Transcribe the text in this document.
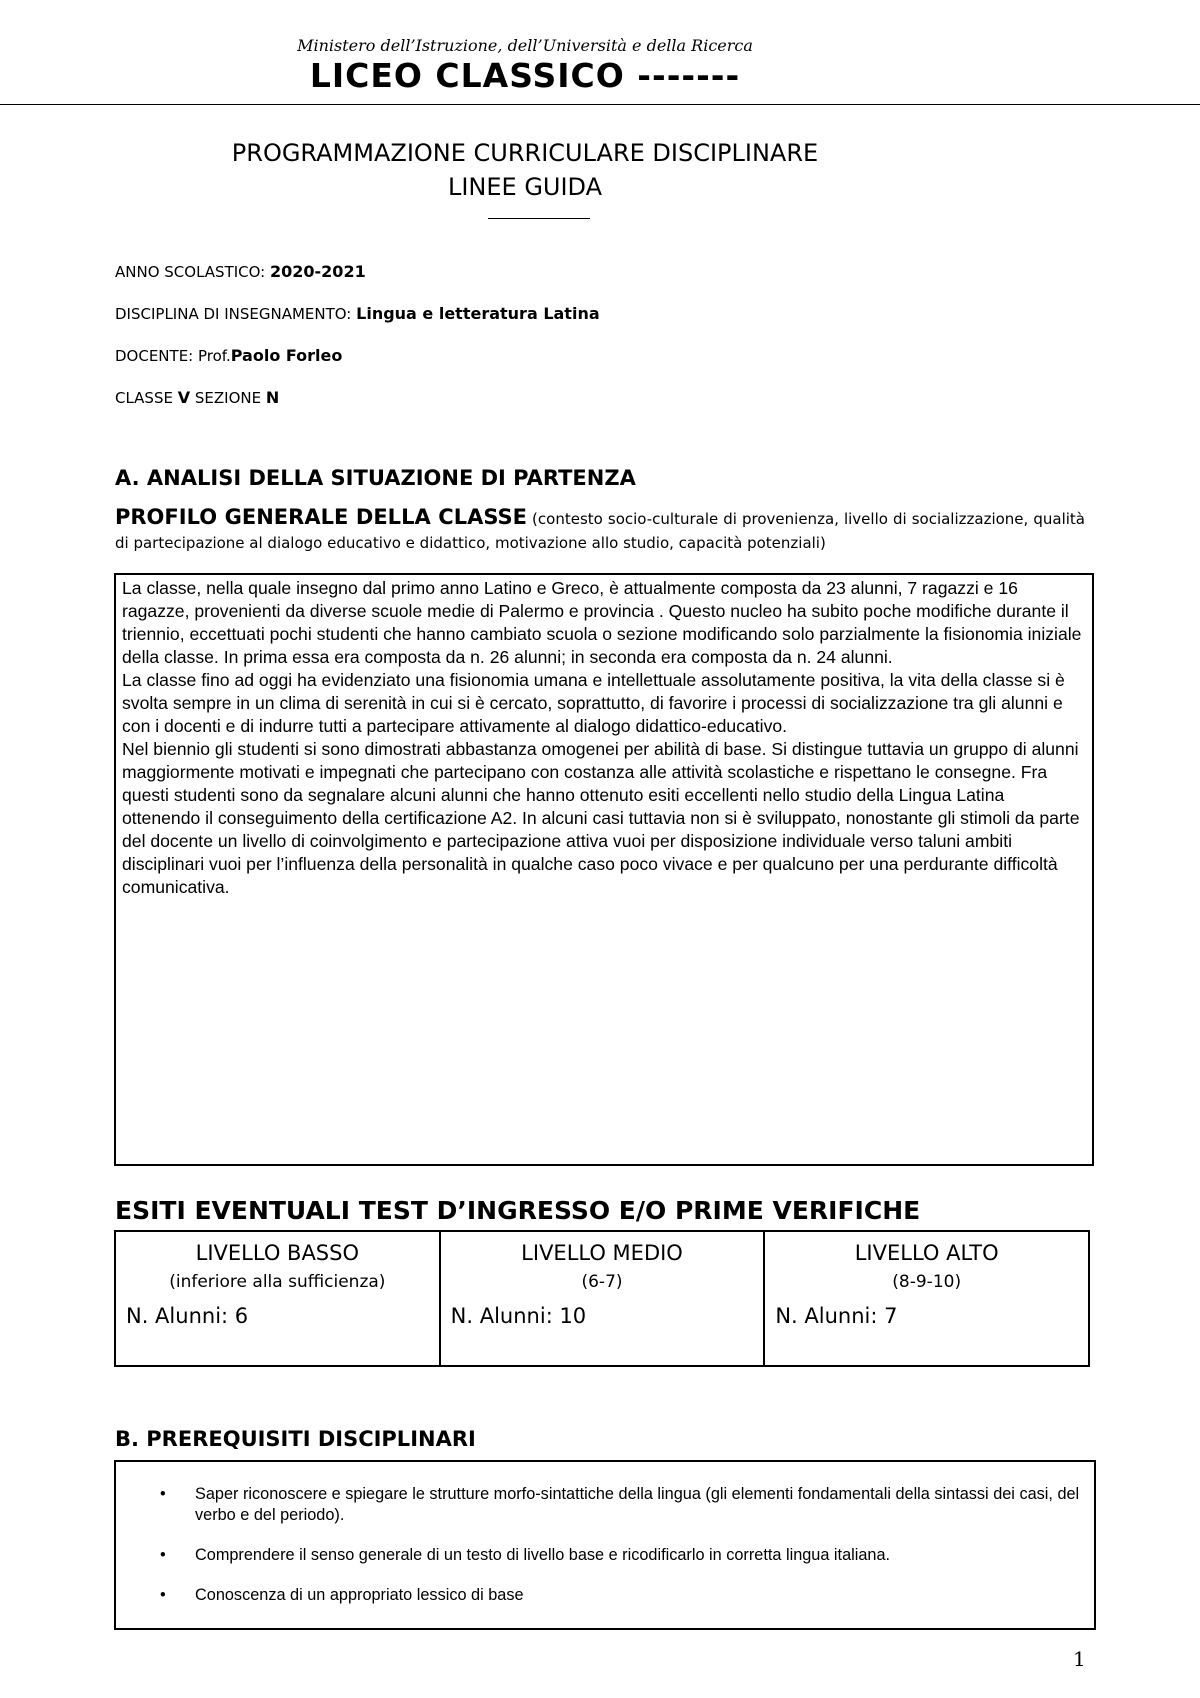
Ministero dell’Istruzione, dell’Università e della Ricerca
LICEO CLASSICO -------
PROGRAMMAZIONE CURRICULARE DISCIPLINARE
LINEE GUIDA
ANNO SCOLASTICO: 2020-2021
DISCIPLINA DI INSEGNAMENTO: Lingua e letteratura Latina
DOCENTE: Prof.Paolo Forleo
CLASSE V SEZIONE N
A. ANALISI DELLA SITUAZIONE DI PARTENZA
PROFILO GENERALE DELLA CLASSE (contesto socio-culturale di provenienza, livello di socializzazione, qualità di partecipazione al dialogo educativo e didattico, motivazione allo studio, capacità potenziali)

La classe, nella quale insegno dal primo anno Latino e Greco, è attualmente composta da 23 alunni, 7 ragazzi e 16 ragazze, provenienti da diverse scuole medie di Palermo e provincia . Questo nucleo ha subito poche modifiche durante il triennio, eccettuati pochi studenti che hanno cambiato scuola o sezione modificando solo parzialmente la fisionomia iniziale della classe. In prima essa era composta da n. 26 alunni; in seconda era composta da n. 24 alunni.

La classe fino ad oggi ha evidenziato una fisionomia umana e intellettuale assolutamente positiva, la vita della classe si è svolta sempre in un clima di serenità in cui si è cercato, soprattutto, di favorire i processi di socializzazione tra gli alunni e con i docenti e di indurre tutti a partecipare attivamente al dialogo didattico-educativo.

Nel biennio gli studenti si sono dimostrati abbastanza omogenei per abilità di base. Si distingue tuttavia un gruppo di alunni maggiormente motivati e impegnati che partecipano con costanza alle attività scolastiche e rispettano le consegne. Fra questi studenti sono da segnalare alcuni alunni che hanno ottenuto esiti eccellenti nello studio della Lingua Latina ottenendo il conseguimento della certificazione A2. In alcuni casi tuttavia non si è sviluppato, nonostante gli stimoli da parte del docente un livello di coinvolgimento e partecipazione attiva vuoi per disposizione individuale verso taluni ambiti disciplinari vuoi per l’influenza della personalità in qualche caso poco vivace e per qualcuno per una perdurante difficoltà comunicativa.

ESITI EVENTUALI TEST D’INGRESSO E/O PRIME VERIFICHE
LIVELLO BASSO
(inferiore alla sufficienza)
N. Alunni: 6
LIVELLO MEDIO
(6-7)
N. Alunni: 10
LIVELLO ALTO
(8-9-10)
N. Alunni: 7
B. PREREQUISITI DISCIPLINARI
• Saper riconoscere e spiegare le strutture morfo-sintattiche della lingua (gli elementi fondamentali della sintassi dei casi, del verbo e del periodo).
• Comprendere il senso generale di un testo di livello base e ricodificarlo in corretta lingua italiana.
• Conoscenza di un appropriato lessico di base
1
